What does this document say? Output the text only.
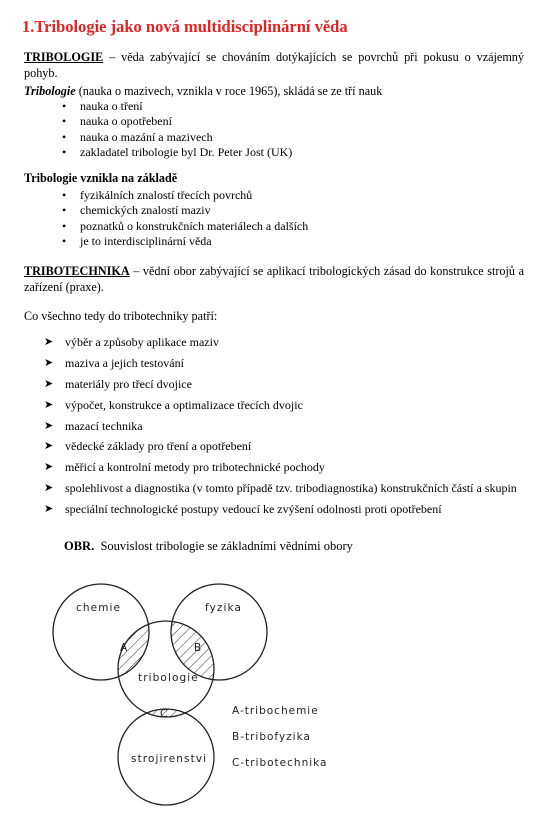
1.Tribologie jako nová multidisciplinární věda

TRIBOLOGIE – věda zabývající se chováním dotýkajících se povrchů při pokusu o vzájemný pohyb.

Tribologie (nauka o mazivech, vznikla v roce 1965), skládá se ze tří nauk

• nauka o tření
• nauka o opotřebení
• nauka o mazání a mazivech
• zakladatel tribologie byl Dr. Peter Jost (UK)

Tribologie vznikla na základě

• fyzikálních znalostí třecích povrchů
• chemických znalostí maziv
• poznatků o konstrukčních materiálech a dalších
• je to interdisciplinární věda

TRIBOTECHNIKA – vědní obor zabývající se aplikací tribologických zásad do konstrukce strojů a zařízení (praxe).

Co všechno tedy do tribotechniky patří:

➤ výběr a způsoby aplikace maziv
➤ maziva a jejich testování
➤ materiály pro třecí dvojice
➤ výpočet, konstrukce a optimalizace třecích dvojic
➤ mazací technika
➤ vědecké základy pro tření a opotřebení
➤ měřicí a kontrolní metody pro tribotechnické pochody
➤ spolehlivost a diagnostika (v tomto případě tzv. tribodiagnostika) konstrukčních částí a skupin
➤ speciální technologické postupy vedoucí ke zvýšení odolnosti proti opotřebení
OBR. Souvislost tribologie se základními vědními obory
chemie	fyzika
tribologie
strojirenstvi
A	B
C	A-tribochemie
B-tribofyzika
C-tribotechnika
